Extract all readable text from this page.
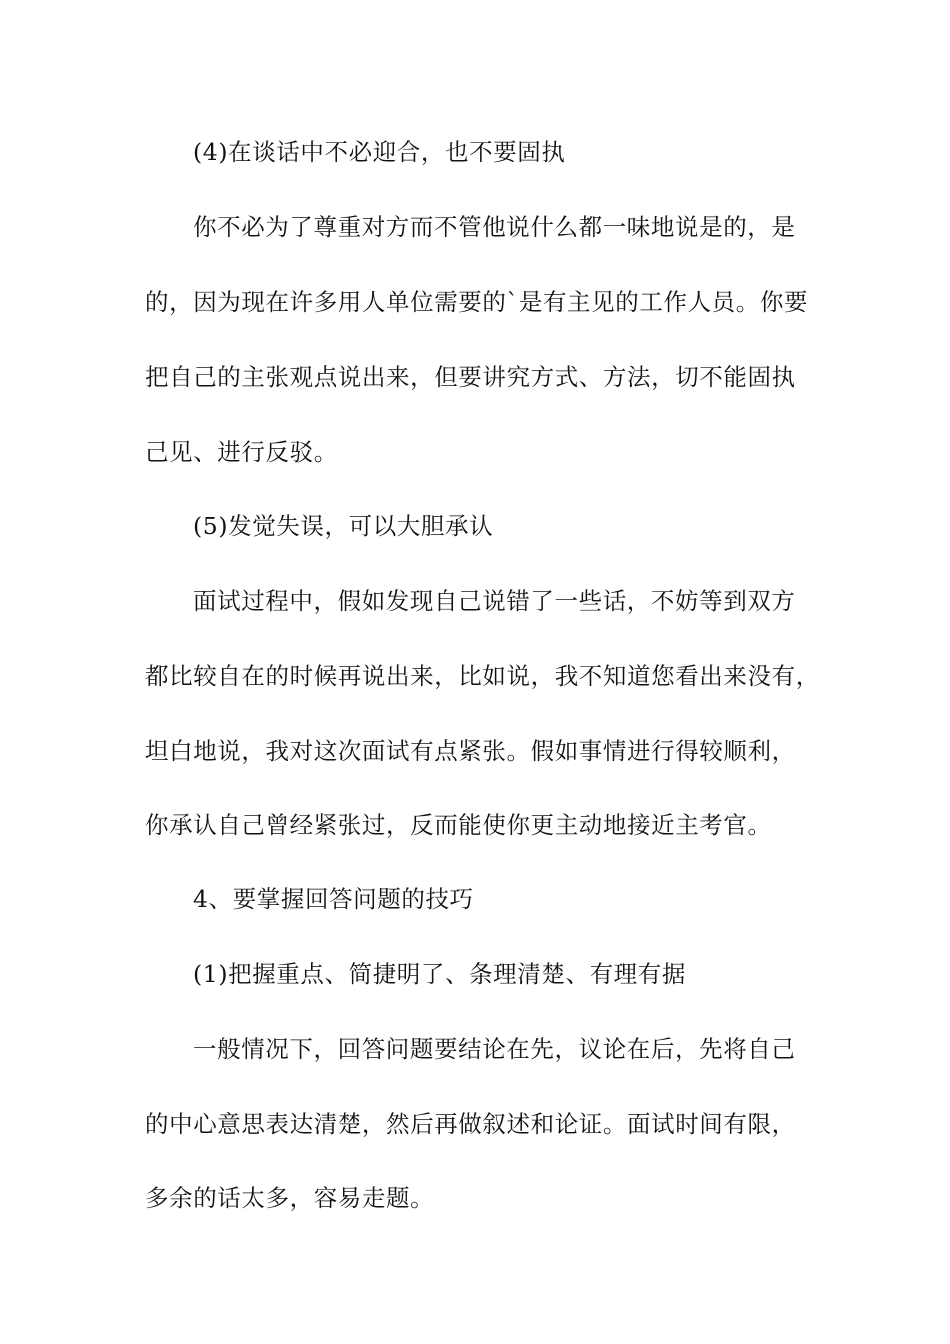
(4)在谈话中不必迎合，也不要固执
你不必为了尊重对方而不管他说什么都一味地说是的，是
的，因为现在许多用人单位需要的`是有主见的工作人员。你要
把自己的主张观点说出来，但要讲究方式、方法，切不能固执
己见、进行反驳。
(5)发觉失误，可以大胆承认
面试过程中，假如发现自己说错了一些话，不妨等到双方
都比较自在的时候再说出来，比如说，我不知道您看出来没有，
坦白地说，我对这次面试有点紧张。假如事情进行得较顺利，
你承认自己曾经紧张过，反而能使你更主动地接近主考官。
4、要掌握回答问题的技巧
(1)把握重点、简捷明了、条理清楚、有理有据
一般情况下，回答问题要结论在先，议论在后，先将自己
的中心意思表达清楚，然后再做叙述和论证。面试时间有限，
多余的话太多，容易走题。
